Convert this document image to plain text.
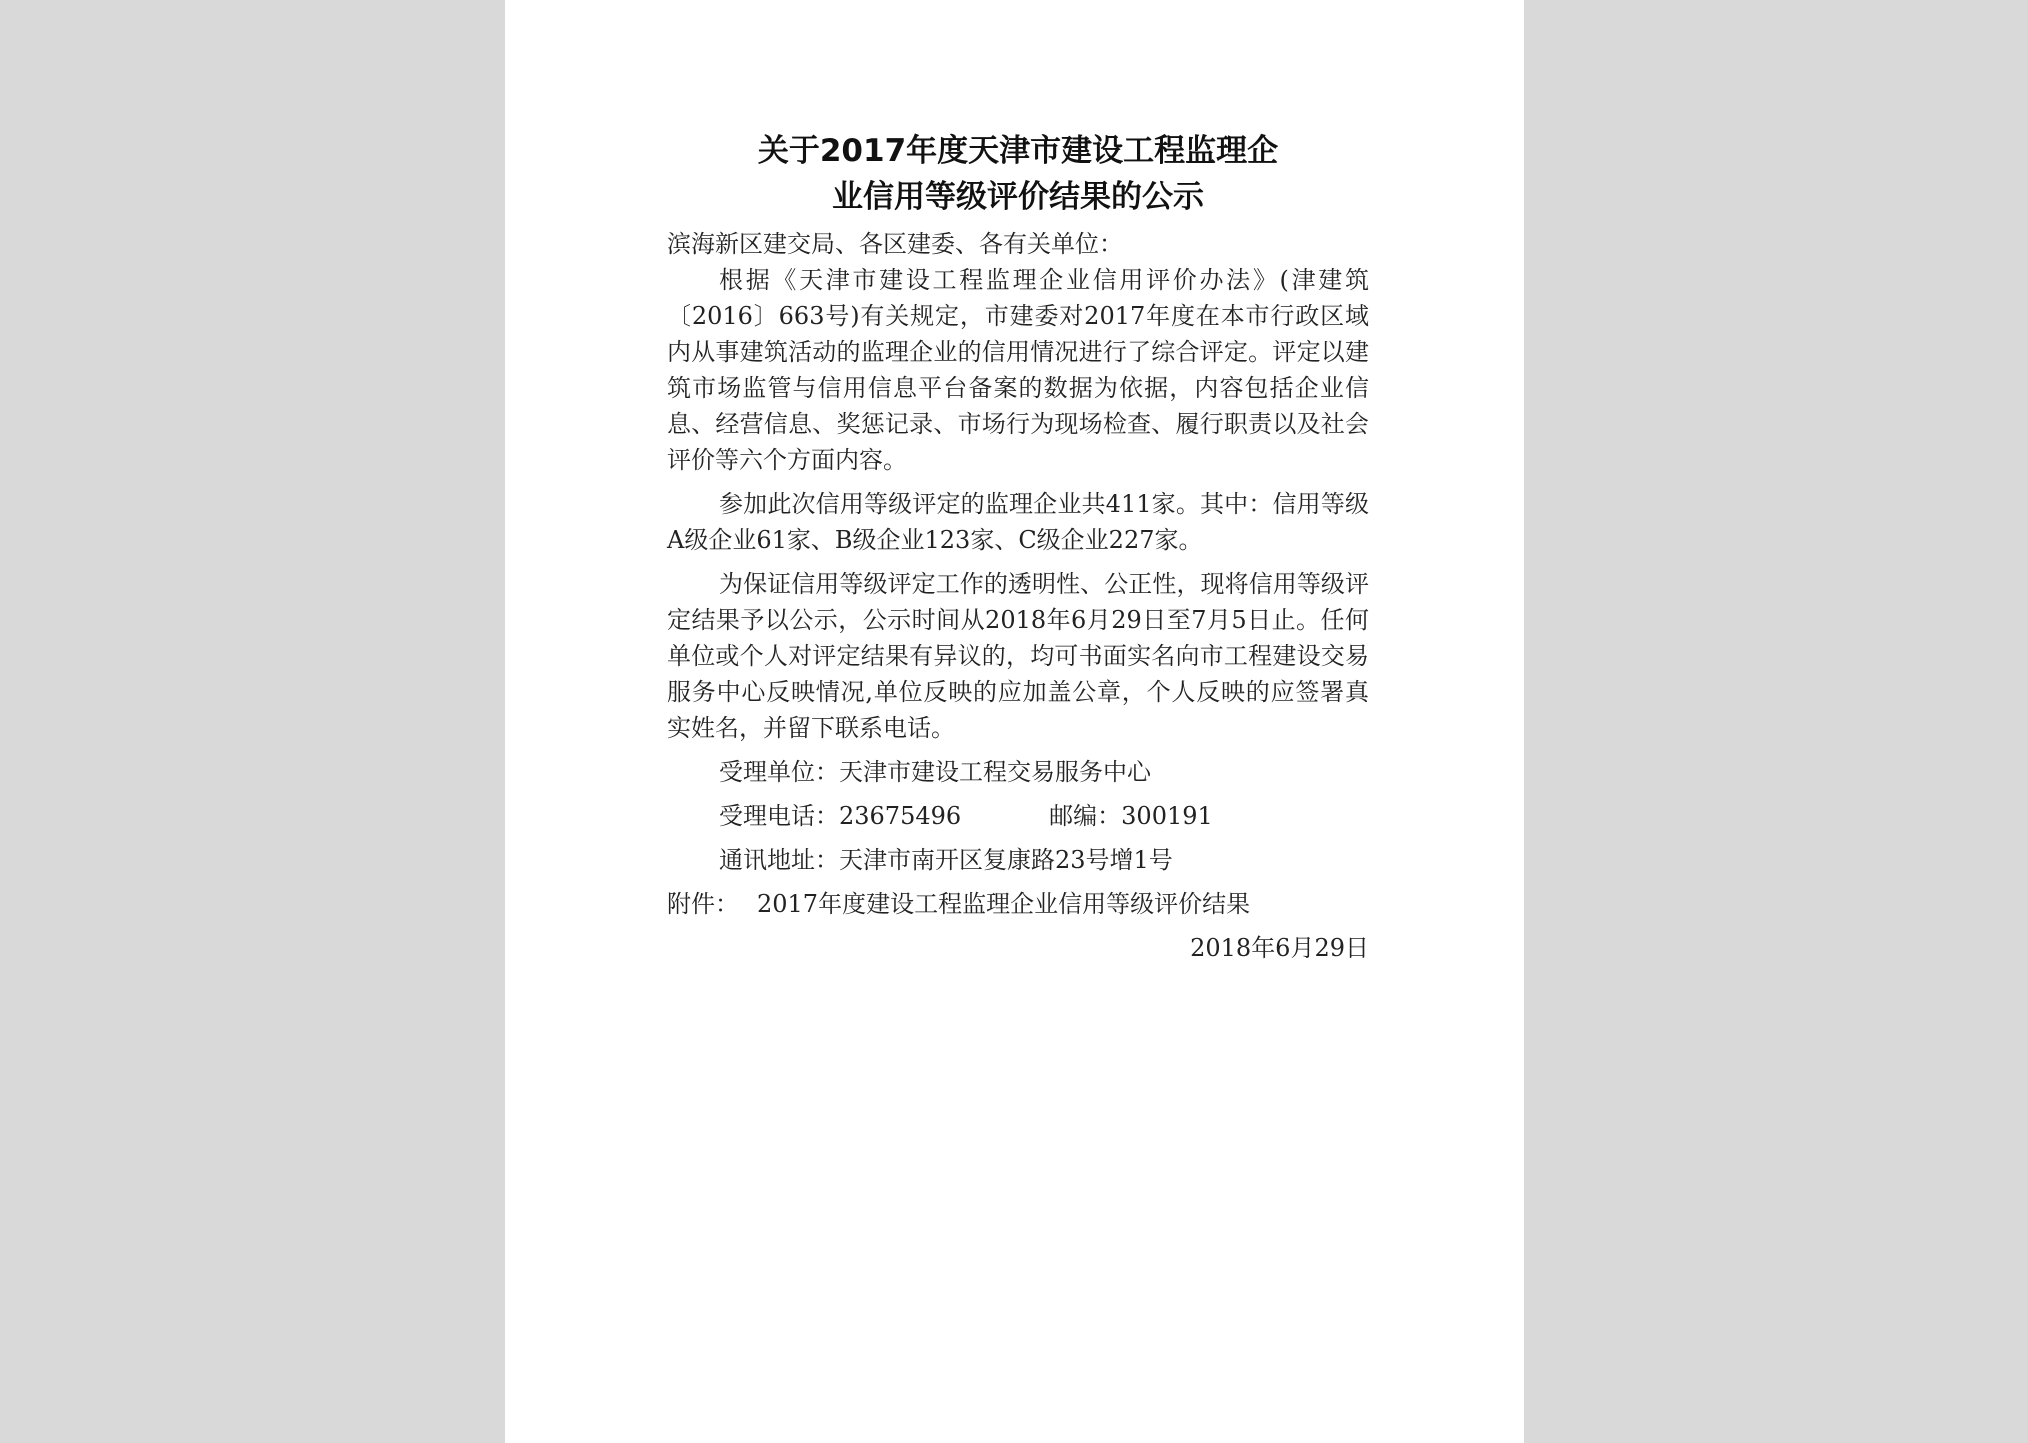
关于2017年度天津市建设工程监理企
业信用等级评价结果的公示

滨海新区建交局、各区建委、各有关单位：

根据《天津市建设工程监理企业信用评价办法》(津建筑〔2016〕663号)有关规定，市建委对2017年度在本市行政区域内从事建筑活动的监理企业的信用情况进行了综合评定。评定以建筑市场监管与信用信息平台备案的数据为依据，内容包括企业信息、经营信息、奖惩记录、市场行为现场检查、履行职责以及社会评价等六个方面内容。

参加此次信用等级评定的监理企业共411家。其中：信用等级A级企业61家、B级企业123家、C级企业227家。

为保证信用等级评定工作的透明性、公正性，现将信用等级评定结果予以公示，公示时间从2018年6月29日至7月5日止。任何单位或个人对评定结果有异议的，均可书面实名向市工程建设交易服务中心反映情况,单位反映的应加盖公章，个人反映的应签署真实姓名，并留下联系电话。

受理单位：天津市建设工程交易服务中心
受理电话：23675496	邮编：300191
通讯地址：天津市南开区复康路23号增1号
附件： 2017年度建设工程监理企业信用等级评价结果
2018年6月29日
